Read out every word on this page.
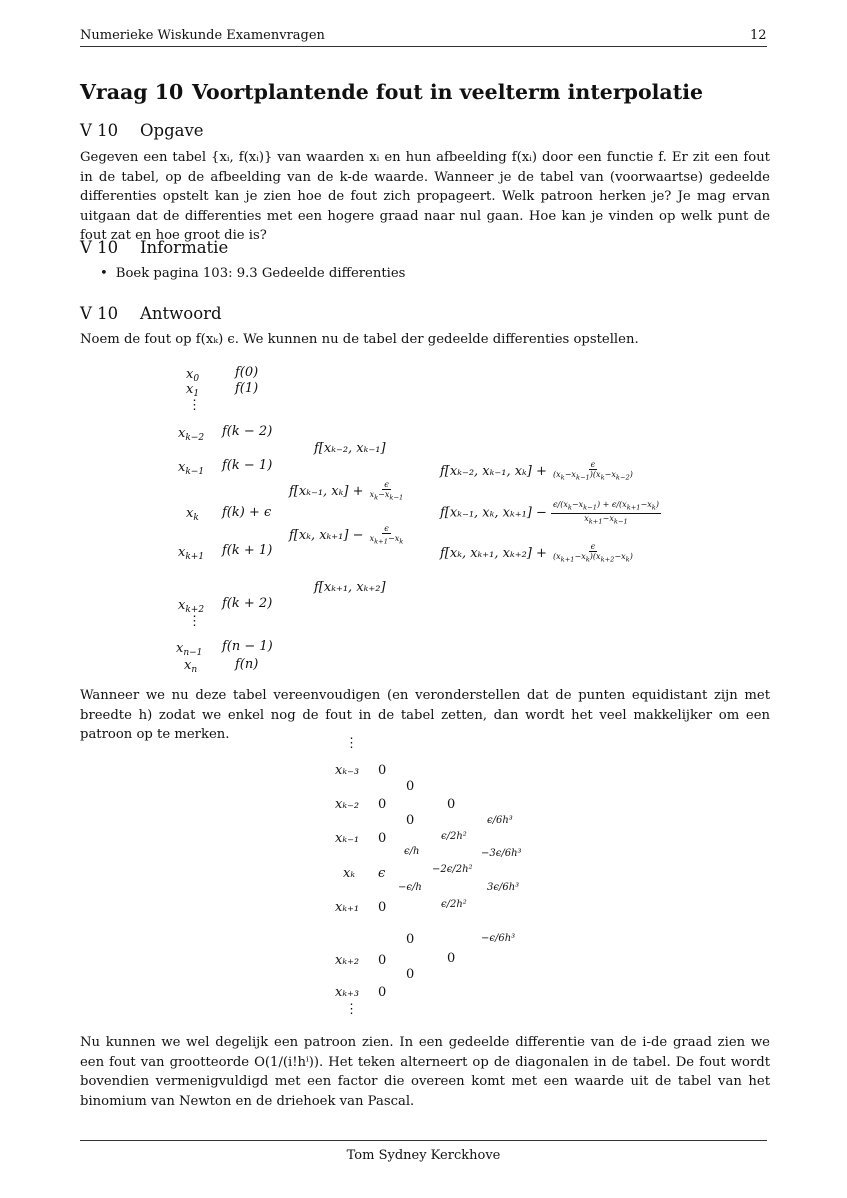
Numerieke Wiskunde Examenvragen	12
Vraag 10 Voortplantende fout in veelterm interpolatie
V 10 Opgave

Gegeven een tabel {xᵢ, f(xᵢ)} van waarden xᵢ en hun afbeelding f(xᵢ) door een functie f. Er zit een fout in de tabel, op de afbeelding van de k-de waarde. Wanneer je de tabel van (voorwaartse) gedeelde differenties opstelt kan je zien hoe de fout zich propageert. Welk patroon herken je? Je mag ervan uitgaan dat de differenties met een hogere graad naar nul gaan. Hoe kan je vinden op welk punt de fout zat en hoe groot die is?

V 10 Informatie
• Boek pagina 103: 9.3 Gedeelde differenties
V 10 Antwoord

Noem de fout op f(xₖ) ϵ. We kunnen nu de tabel der gedeelde differenties opstellen.

$x_0$
$x_1$
⋮
$x_{k-2}$
$x_{k-1}$
$x_k$
$x_{k+1}$
$x_{k+2}$
⋮
$x_{n-1}$
$x_n$
f(0)
f(1)
f(k − 2)
f(k − 1)
f(k) + ϵ
f(k + 1)
f(k + 2)
f(n − 1)
f(n)
f[xₖ₋₂, xₖ₋₁]
f[xₖ₋₁, $x_k] + \frac{\epsilon}{x_k-x_{k-1}}$
f[xₖ, $x_{k+1}] - \frac{\epsilon}{x_{k+1}-x_k}$
f[xₖ₊₁, xₖ₊₂]
f[xₖ₋₂, xₖ₋₁, $x_k] + \frac{\epsilon}{(x_k-x_{k-1})(x_k-x_{k-2})}$
f[xₖ₋₁, xₖ, $x_{k+1}] - \frac{\epsilon/(x_k-x_{k-1}) + \epsilon/(x_{k+1}-x_k)}{x_{k+1}-x_{k-1}}$
f[xₖ, xₖ₊₁, $x_{k+2}] + \frac{\epsilon}{(x_{k+1}-x_k)(x_{k+2}-x_k)}$

Wanneer we nu deze tabel vereenvoudigen (en veronderstellen dat de punten equidistant zijn met breedte h) zodat we enkel nog de fout in de tabel zetten, dan wordt het veel makkelijker om een patroon op te merken.

⋮
xₖ₋₃
xₖ₋₂
xₖ₋₁
xₖ
xₖ₊₁
xₖ₊₂
xₖ₊₃
⋮
0
0
0
ϵ
0
0
0
0
0
ϵ/h
−ϵ/h
0
0
0
ϵ/2h²
−2ϵ/2h²
ϵ/2h²
0
ϵ/6h³
−3ϵ/6h³
3ϵ/6h³
−ϵ/6h³

Nu kunnen we wel degelijk een patroon zien. In een gedeelde differentie van de i-de graad zien we een fout van grootteorde O(1/(i!hⁱ)). Het teken alterneert op de diagonalen in de tabel. De fout wordt bovendien vermenigvuldigd met een factor die overeen komt met een waarde uit de tabel van het binomium van Newton en de driehoek van Pascal.

Tom Sydney Kerckhove
